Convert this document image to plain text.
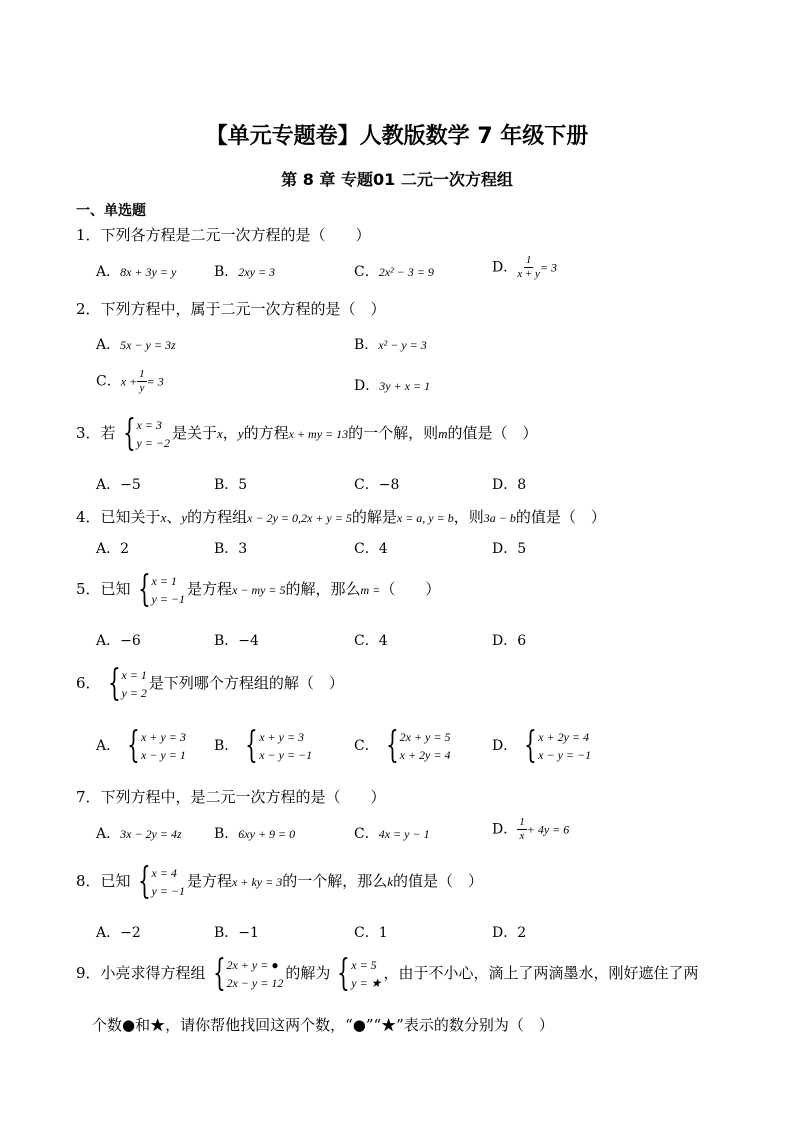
【单元专题卷】人教版数学 7 年级下册
第 8 章 专题01 二元一次方程组
一、单选题
1．下列各方程是二元一次方程的是（　　）
A．8x + 3y = y	B．2xy = 3	C．2x² − 3 = 9	D． $\frac{1}{x + y} = 3$
2．下列方程中，属于二元一次方程的是（　）
A．5x − y = 3z	B．x² − y = 3
C．$x + \frac{1}{y} = 3$	D．3y + x = 1
3．若 { x = 3
y = −2
是关于x，y的方程x + my = 13的一个解，则m的值是（　）
A．−5	B．5	C．−8	D．8
4．已知关于x、y的方程组x − 2y = 0,2x + y = 5的解是x = a, y = b，则3a − b的值是（　）
A．2	B．3	C．4	D．5
5．已知 { x = 1
y = −1
是方程x − my = 5的解，那么m =（　　）
A．−6	B．−4	C．4	D．6
6． { x = 1
y = 2
是下列哪个方程组的解（　）
A． { x + y = 3
x − y = 1
B． { x + y = 3
x − y = −1
C． { 2x + y = 5
x + 2y = 4
D． { x + 2y = 4
x − y = −1
7．下列方程中，是二元一次方程的是（　　）
A．3x − 2y = 4z B．6xy + 9 = 0	C．4x = y − 1	D． $\frac{1}{x} + 4y = 6$
8．已知 { x = 4
y = −1
是方程x + ky = 3的一个解，那么k的值是（　）
A．−2	B．−1	C．1	D．2
9．小亮求得方程组 { 2x + y = ●
2x − y = 12
的解为 { x = 5
y = ★
，由于不小心，滴上了两滴墨水，刚好遮住了两
个数●和★，请你帮他找回这两个数，“●”“★”表示的数分别为（　）
